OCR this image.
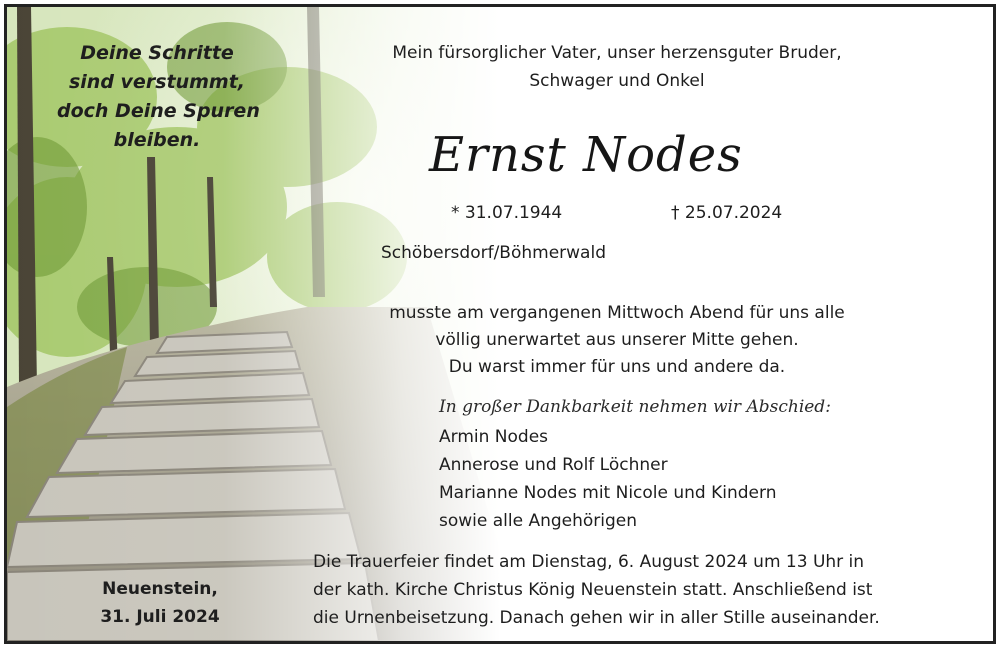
Deine Schritte
sind verstummt,
doch Deine Spuren
bleiben.
Mein fürsorglicher Vater, unser herzensguter Bruder,
Schwager und Onkel
Ernst Nodes
* 31.07.1944	† 25.07.2024
Schöbersdorf/Böhmerwald
musste am vergangenen Mittwoch Abend für uns alle
völlig unerwartet aus unserer Mitte gehen.
Du warst immer für uns und andere da.
In großer Dankbarkeit nehmen wir Abschied:
Armin Nodes
Annerose und Rolf Löchner
Marianne Nodes mit Nicole und Kindern
sowie alle Angehörigen
Die Trauerfeier findet am Dienstag, 6. August 2024 um 13 Uhr in
der kath. Kirche Christus König Neuenstein statt. Anschließend ist
die Urnenbeisetzung. Danach gehen wir in aller Stille auseinander.
Neuenstein,
31. Juli 2024
